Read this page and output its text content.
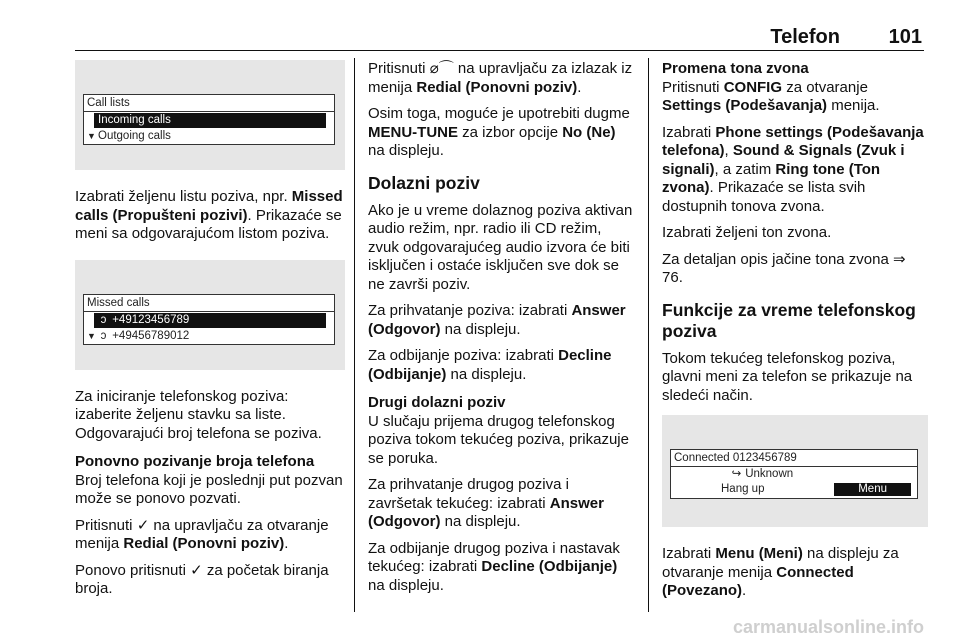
Telefon 101
Call lists
Incoming calls
▼ Outgoing calls

Izabrati željenu listu poziva, npr. Missed calls (Propušteni pozivi). Prikazaće se meni sa odgovarajućom listom poziva.

Missed calls
ↄ +49123456789
▼ ↄ +49456789012

Za iniciranje telefonskog poziva: izaberite željenu stavku sa liste. Odgovarajući broj telefona se poziva.

Ponovno pozivanje broja telefona

Broj telefona koji je poslednji put pozvan može se ponovo pozvati.

Pritisnuti ✓ na upravljaču za otvaranje menija Redial (Ponovni poziv).

Ponovo pritisnuti ✓ za početak biranja broja.

Pritisnuti ⌀⌒ na upravljaču za izlazak iz menija Redial (Ponovni poziv).

Osim toga, moguće je upotrebiti dugme MENU-TUNE za izbor opcije No (Ne) na displeju.

Dolazni poziv

Ako je u vreme dolaznog poziva aktivan audio režim, npr. radio ili CD režim, zvuk odgovarajućeg audio izvora će biti isključen i ostaće isključen sve dok se ne završi poziv.

Za prihvatanje poziva: izabrati Answer (Odgovor) na displeju.

Za odbijanje poziva: izabrati Decline (Odbijanje) na displeju.

Drugi dolazni poziv

U slučaju prijema drugog telefonskog poziva tokom tekućeg poziva, prikazuje se poruka.

Za prihvatanje drugog poziva i završetak tekućeg: izabrati Answer (Odgovor) na displeju.

Za odbijanje drugog poziva i nastavak tekućeg: izabrati Decline (Odbijanje) na displeju.

Promena tona zvona

Pritisnuti CONFIG za otvaranje Settings (Podešavanja) menija.

Izabrati Phone settings (Podešavanja telefona), Sound & Signals (Zvuk i signali), a zatim Ring tone (Ton zvona). Prikazaće se lista svih dostupnih tonova zvona.

Izabrati željeni ton zvona.

Za detaljan opis jačine tona zvona ⇒ 76.

Funkcije za vreme telefonskog poziva

Tokom tekućeg telefonskog poziva, glavni meni za telefon se prikazuje na sledeći način.

Connected 0123456789
↪ Unknown
Hang up	Menu

Izabrati Menu (Meni) na displeju za otvaranje menija Connected (Povezano).

carmanualsonline.info
